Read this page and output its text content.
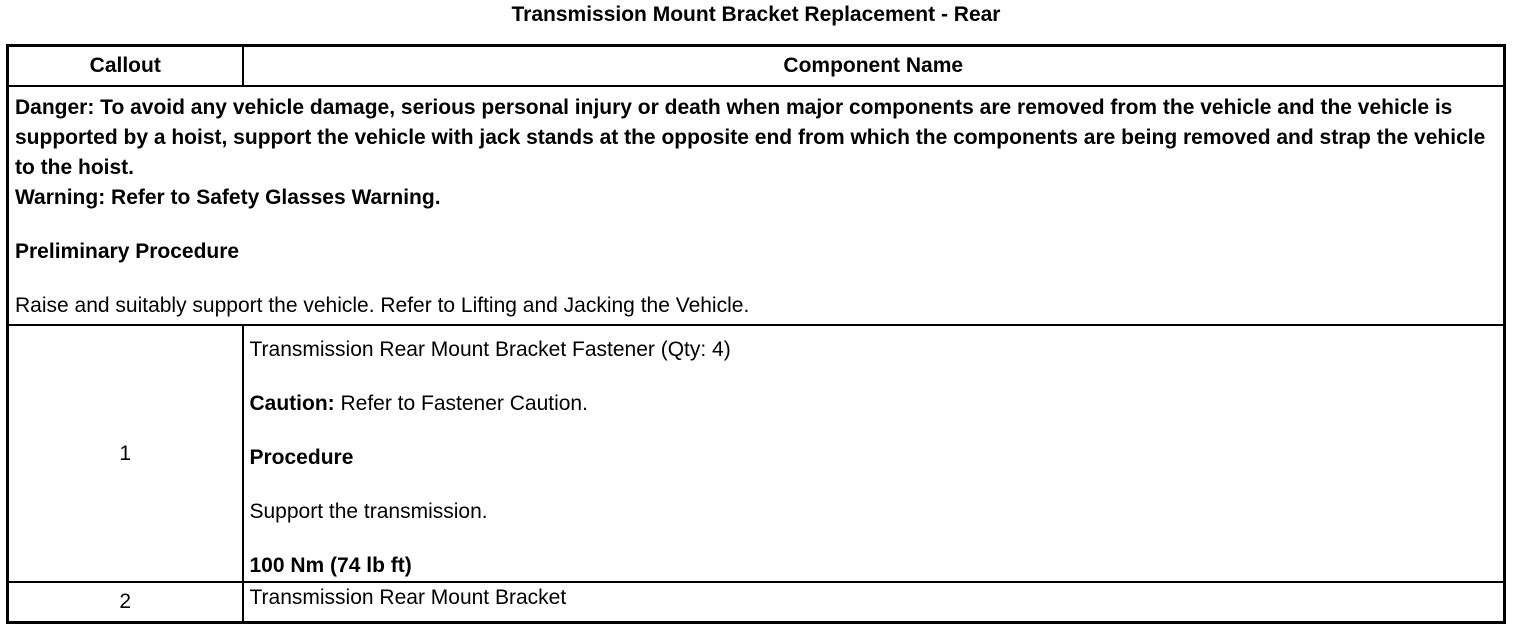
Transmission Mount Bracket Replacement - Rear
Callout	Component Name

Danger: To avoid any vehicle damage, serious personal injury or death when major components are removed from the vehicle and the vehicle is supported by a hoist, support the vehicle with jack stands at the opposite end from which the components are being removed and strap the vehicle to the hoist.

Warning: Refer to Safety Glasses Warning.

Preliminary Procedure

Raise and suitably support the vehicle. Refer to Lifting and Jacking the Vehicle.	

1	Transmission Rear Mount Bracket Fastener (Qty: 4)

Caution: Refer to Fastener Caution.

Procedure

Support the transmission.

100 Nm (74 lb ft)

2	Transmission Rear Mount Bracket
